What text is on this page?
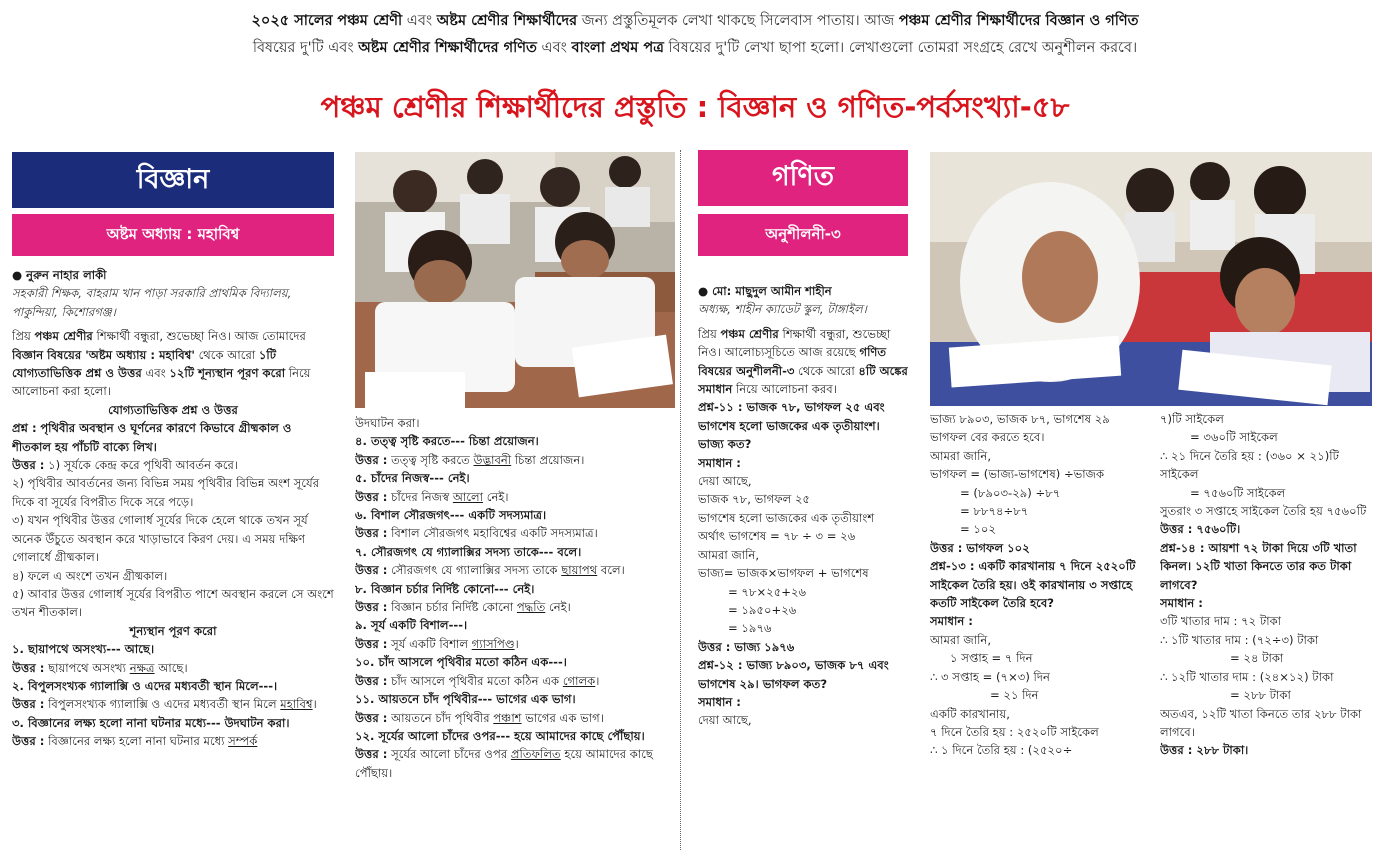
২০২৫ সালের পঞ্চম শ্রেণী এবং অষ্টম শ্রেণীর শিক্ষার্থীদের জন্য প্রস্তুতিমূলক লেখা থাকছে সিলেবাস পাতায়। আজ পঞ্চম শ্রেণীর শিক্ষার্থীদের বিজ্ঞান ও গণিত
বিষয়ের দু'টি এবং অষ্টম শ্রেণীর শিক্ষার্থীদের গণিত এবং বাংলা প্রথম পত্র বিষয়ের দু'টি লেখা ছাপা হলো। লেখাগুলো তোমরা সংগ্রহে রেখে অনুশীলন করবে।
পঞ্চম শ্রেণীর শিক্ষার্থীদের প্রস্তুতি : বিজ্ঞান ও গণিত-পর্বসংখ্যা-৫৮
বিজ্ঞান
অষ্টম অধ্যায় : মহাবিশ্ব

● নুরুন নাহার লাকী

সহকারী শিক্ষক, বাহরাম খান পাড়া সরকারি প্রাথমিক বিদ্যালয়, পাকুন্দিয়া, কিশোরগঞ্জ।

প্রিয় পঞ্চম শ্রেণীর শিক্ষার্থী বন্ধুরা, শুভেচ্ছা নিও। আজ তোমাদের বিজ্ঞান বিষয়ের 'অষ্টম অধ্যায় : মহাবিশ্ব' থেকে আরো ১টি যোগ্যতাভিত্তিক প্রশ্ন ও উত্তর এবং ১২টি শূন্যস্থান পূরণ করো নিয়ে আলোচনা করা হলো।

যোগ্যতাভিত্তিক প্রশ্ন ও উত্তর

প্রশ্ন : পৃথিবীর অবস্থান ও ঘূর্ণনের কারণে কিভাবে গ্রীষ্মকাল ও শীতকাল হয় পাঁচটি বাক্যে লিখ।

উত্তর : ১) সূর্যকে কেন্দ্র করে পৃথিবী আবর্তন করে।

২) পৃথিবীর আবর্তনের জন্য বিভিন্ন সময় পৃথিবীর বিভিন্ন অংশ সূর্যের দিকে বা সূর্যের বিপরীত দিকে সরে পড়ে।

৩) যখন পৃথিবীর উত্তর গোলার্ধ সূর্যের দিকে হেলে থাকে তখন সূর্য অনেক উঁচুতে অবস্থান করে খাড়াভাবে কিরণ দেয়। এ সময় দক্ষিণ গোলার্ধে গ্রীষ্মকাল।

৪) ফলে এ অংশে তখন গ্রীষ্মকাল।

৫) আবার উত্তর গোলার্ধ সূর্যের বিপরীত পাশে অবস্থান করলে সে অংশে তখন শীতকাল।

শূন্যস্থান পূরণ করো

১. ছায়াপথে অসংখ্য--- আছে।

উত্তর : ছায়াপথে অসংখ্য নক্ষত্র আছে।

২. বিপুলসংখ্যক গ্যালাক্সি ও এদের মধ্যবর্তী স্থান মিলে---।

উত্তর : বিপুলসংখ্যক গ্যালাক্সি ও এদের মধ্যবর্তী স্থান মিলে মহাবিশ্ব।

৩. বিজ্ঞানের লক্ষ্য হলো নানা ঘটনার মধ্যে--- উদঘাটন করা।

উত্তর : বিজ্ঞানের লক্ষ্য হলো নানা ঘটনার মধ্যে সম্পর্ক

উদঘাটন করা।

৪. তত্ত্ব সৃষ্টি করতে--- চিন্তা প্রয়োজন।

উত্তর : তত্ত্ব সৃষ্টি করতে উদ্ভাবনী চিন্তা প্রয়োজন।

৫. চাঁদের নিজস্ব--- নেই।

উত্তর : চাঁদের নিজস্ব আলো নেই।

৬. বিশাল সৌরজগৎ--- একটি সদস্যমাত্র।

উত্তর : বিশাল সৌরজগৎ মহাবিশ্বের একটি সদস্যমাত্র।

৭. সৌরজগৎ যে গ্যালাক্সির সদস্য তাকে--- বলে।

উত্তর : সৌরজগৎ যে গ্যালাক্সির সদস্য তাকে ছায়াপথ বলে।

৮. বিজ্ঞান চর্চার নির্দিষ্ট কোনো--- নেই।

উত্তর : বিজ্ঞান চর্চার নির্দিষ্ট কোনো পদ্ধতি নেই।

৯. সূর্য একটি বিশাল---।

উত্তর : সূর্য একটি বিশাল গ্যাসপিণ্ড।

১০. চাঁদ আসলে পৃথিবীর মতো কঠিন এক---।

উত্তর : চাঁদ আসলে পৃথিবীর মতো কঠিন এক গোলক।

১১. আয়তনে চাঁদ পৃথিবীর--- ভাগের এক ভাগ।

উত্তর : আয়তনে চাঁদ পৃথিবীর পঞ্চাশ ভাগের এক ভাগ।

১২. সূর্যের আলো চাঁদের ওপর--- হয়ে আমাদের কাছে পৌঁছায়।

উত্তর : সূর্যের আলো চাঁদের ওপর প্রতিফলিত হয়ে আমাদের কাছে পৌঁছায়।

গণিত
অনুশীলনী-৩

● মো: মাছুদুল আমীন শাহীন

অধ্যক্ষ, শাহীন ক্যাডেট স্কুল, টাঙ্গাইল।

প্রিয় পঞ্চম শ্রেণীর শিক্ষার্থী বন্ধুরা, শুভেচ্ছা নিও। আলোচ্যসূচিতে আজ রয়েছে গণিত বিষয়ের অনুশীলনী-৩ থেকে আরো ৪টি অঙ্কের সমাধান নিয়ে আলোচনা করব।

প্রশ্ন-১১ : ভাজক ৭৮, ভাগফল ২৫ এবং ভাগশেষ হলো ভাজকের এক তৃতীয়াংশ। ভাজ্য কত?

সমাধান :

দেয়া আছে,

ভাজক ৭৮, ভাগফল ২৫

ভাগশেষ হলো ভাজকের এক তৃতীয়াংশ

অর্থাৎ ভাগশেষ = ৭৮ ÷ ৩ = ২৬

আমরা জানি,

ভাজ্য= ভাজক×ভাগফল + ভাগশেষ

= ৭৮×২৫+২৬

= ১৯৫০+২৬

= ১৯৭৬

উত্তর : ভাজ্য ১৯৭৬

প্রশ্ন-১২ : ভাজ্য ৮৯০৩, ভাজক ৮৭ এবং ভাগশেষ ২৯। ভাগফল কত?

সমাধান :

দেয়া আছে,

ভাজ্য ৮৯০৩, ভাজক ৮৭, ভাগশেষ ২৯

ভাগফল বের করতে হবে।

আমরা জানি,

ভাগফল = (ভাজ্য-ভাগশেষ) ÷ভাজক

= (৮৯০৩-২৯) ÷৮৭

= ৮৮৭৪÷৮৭

= ১০২

উত্তর : ভাগফল ১০২

প্রশ্ন-১৩ : একটি কারখানায় ৭ দিনে ২৫২০টি সাইকেল তৈরি হয়। ওই কারখানায় ৩ সপ্তাহে কতটি সাইকেল তৈরি হবে?

সমাধান :

আমরা জানি,

১ সপ্তাহ = ৭ দিন

∴ ৩ সপ্তাহ = (৭×৩) দিন

= ২১ দিন

একটি কারখানায়,

৭ দিনে তৈরি হয় : ২৫২০টি সাইকেল

∴ ১ দিনে তৈরি হয় : (২৫২০÷

৭)টি সাইকেল

= ৩৬০টি সাইকেল

∴ ২১ দিনে তৈরি হয় : (৩৬০ × ২১)টি সাইকেল

= ৭৫৬০টি সাইকেল

সুতরাং ৩ সপ্তাহে সাইকেল তৈরি হয় ৭৫৬০টি

উত্তর : ৭৫৬০টি।

প্রশ্ন-১৪ : আয়শা ৭২ টাকা দিয়ে ৩টি খাতা কিনল। ১২টি খাতা কিনতে তার কত টাকা লাগবে?

সমাধান :

৩টি খাতার দাম : ৭২ টাকা

∴ ১টি খাতার দাম : (৭২÷৩) টাকা

= ২৪ টাকা

∴ ১২টি খাতার দাম : (২৪×১২) টাকা

= ২৮৮ টাকা

অতএব, ১২টি খাতা কিনতে তার ২৮৮ টাকা লাগবে।

উত্তর : ২৮৮ টাকা।
